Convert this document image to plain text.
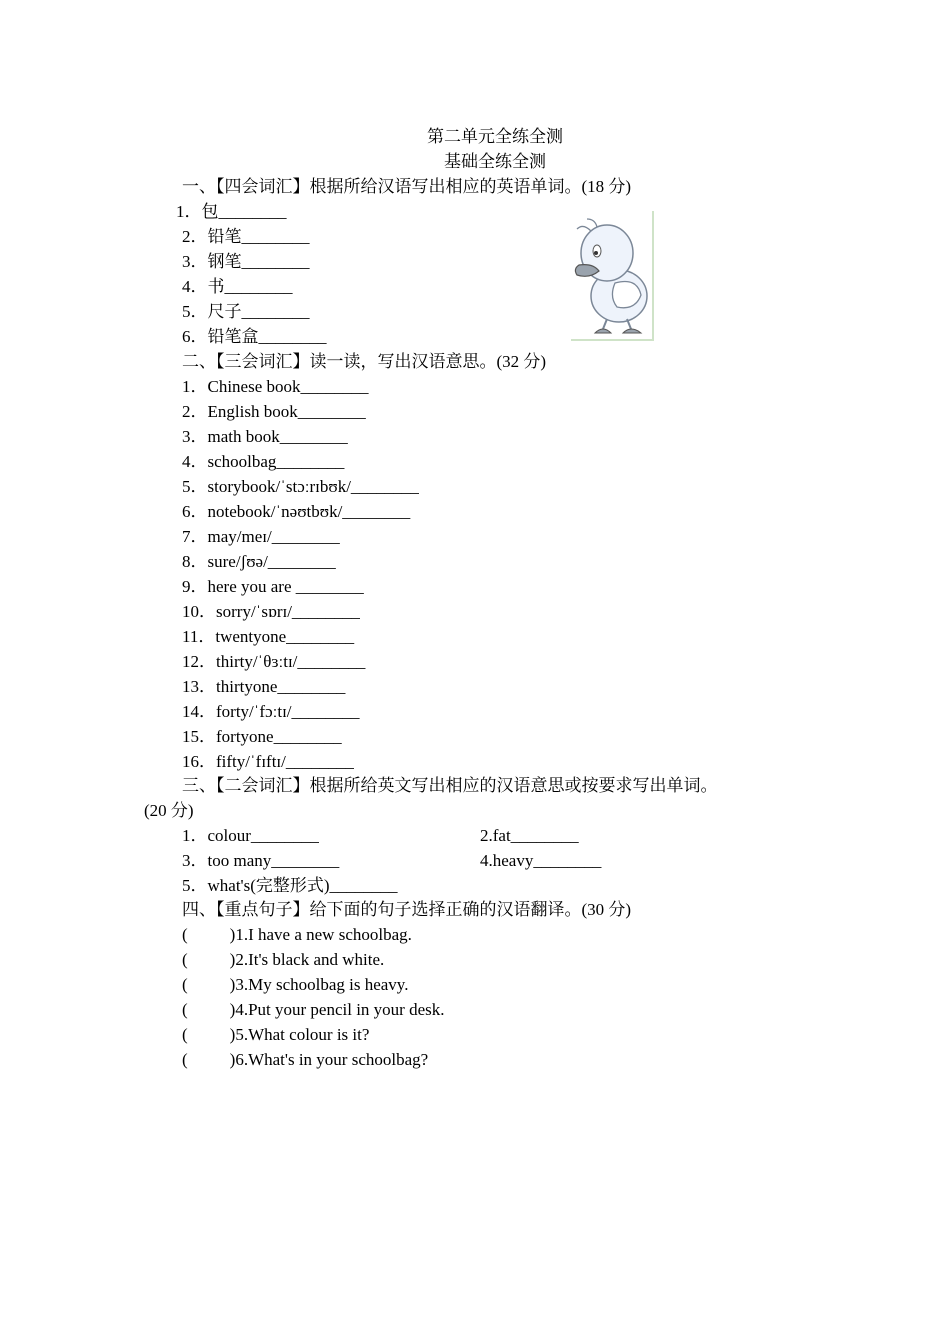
第二单元全练全测
基础全练全测
一、【四会词汇】根据所给汉语写出相应的英语单词。(18 分)
1．包________
2．铅笔________
3．钢笔________
4．书________
5．尺子________
6．铅笔盒________
二、【三会词汇】读一读，写出汉语意思。(32 分)
1．Chinese book________
2．English book________
3．math book________
4．schoolbag________
5．storybook/ˈstɔːrɪbʊk/________
6．notebook/ˈnəʊtbʊk/________
7．may/meɪ/________
8．sure/ʃʊə/________
9．here you are ________
10．sorry/ˈsɒrɪ/________
11．twentyone________
12．thirty/ˈθɜːtɪ/________
13．thirtyone________
14．forty/ˈfɔːtɪ/________
15．fortyone________
16．fifty/ˈfɪftɪ/________
三、【二会词汇】根据所给英文写出相应的汉语意思或按要求写出单词。
(20 分)
1．colour________	2.fat________
3．too many________	4.heavy________
5．what's(完整形式)________
四、【重点句子】给下面的句子选择正确的汉语翻译。(30 分)
( )1.I have a new schoolbag.
( )2.It's black and white.
( )3.My schoolbag is heavy.
( )4.Put your pencil in your desk.
( )5.What colour is it?
( )6.What's in your schoolbag?
